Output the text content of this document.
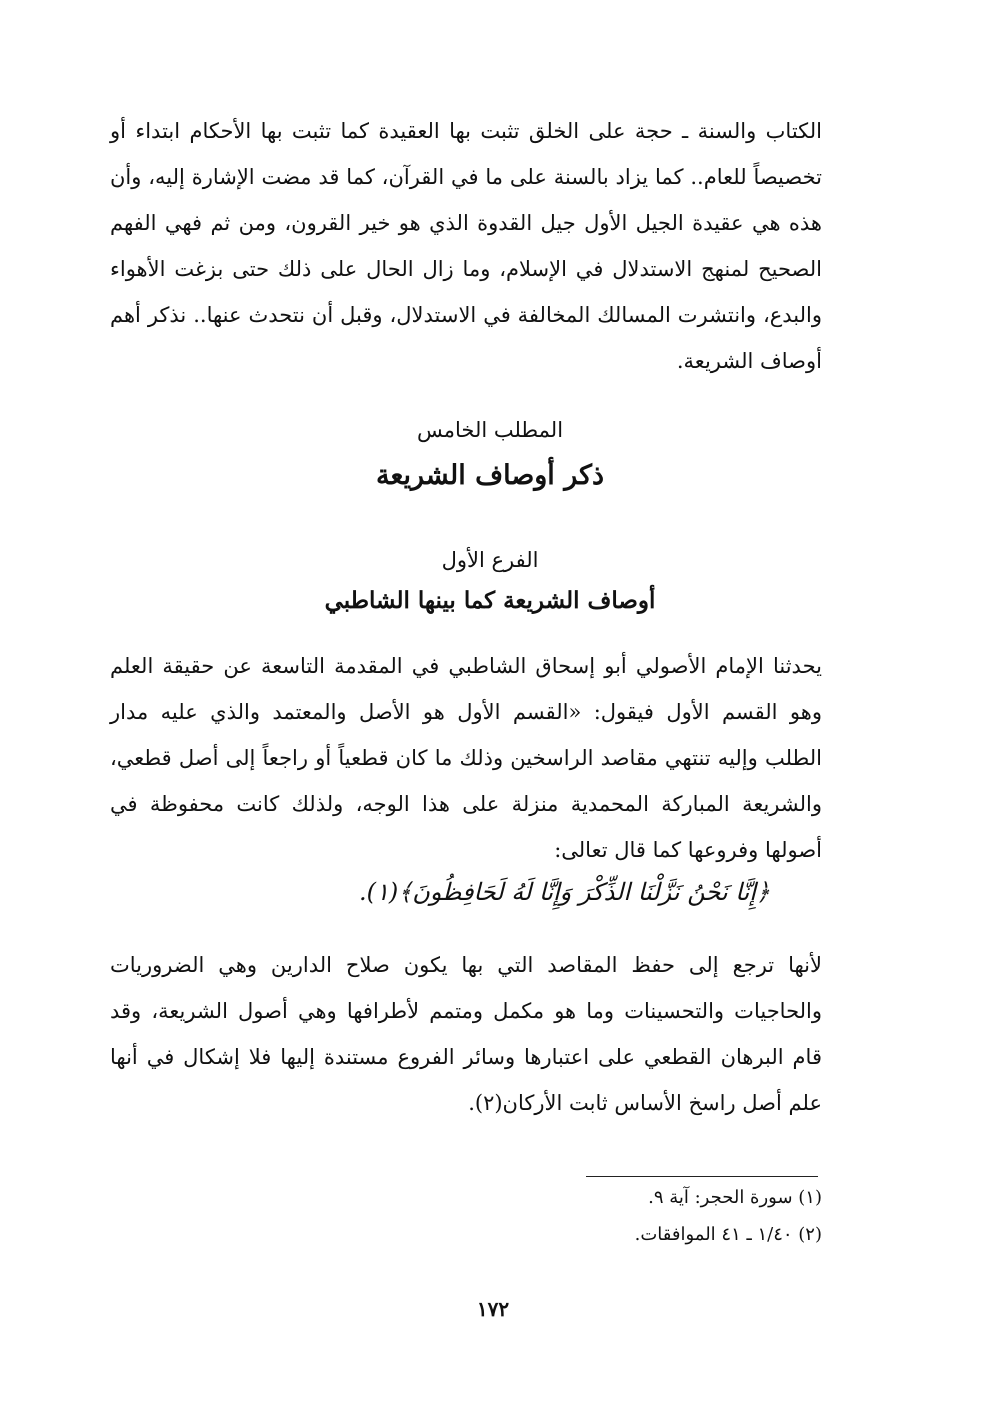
الكتاب والسنة ـ حجة على الخلق تثبت بها العقيدة كما تثبت بها الأحكام ابتداء أو تخصيصاً للعام.. كما يزاد بالسنة على ما في القرآن، كما قد مضت الإشارة إليه، وأن هذه هي عقيدة الجيل الأول جيل القدوة الذي هو خير القرون، ومن ثم فهي الفهم الصحيح لمنهج الاستدلال في الإسلام، وما زال الحال على ذلك حتى بزغت الأهواء والبدع، وانتشرت المسالك المخالفة في الاستدلال، وقبل أن نتحدث عنها.. نذكر أهم أوصاف الشريعة.

المطلب الخامس
ذكر أوصاف الشريعة
الفرع الأول
أوصاف الشريعة كما بينها الشاطبي

يحدثنا الإمام الأصولي أبو إسحاق الشاطبي في المقدمة التاسعة عن حقيقة العلم وهو القسم الأول فيقول: «القسم الأول هو الأصل والمعتمد والذي عليه مدار الطلب وإليه تنتهي مقاصد الراسخين وذلك ما كان قطعياً أو راجعاً إلى أصل قطعي، والشريعة المباركة المحمدية منزلة على هذا الوجه، ولذلك كانت محفوظة في أصولها وفروعها كما قال تعالى:

﴿إِنَّا نَحْنُ نَزَّلْنَا الذِّكْرَ وَإِنَّا لَهُ لَحَافِظُونَ﴾(١).

لأنها ترجع إلى حفظ المقاصد التي بها يكون صلاح الدارين وهي الضروريات والحاجيات والتحسينات وما هو مكمل ومتمم لأطرافها وهي أصول الشريعة، وقد قام البرهان القطعي على اعتبارها وسائر الفروع مستندة إليها فلا إشكال في أنها علم أصل راسخ الأساس ثابت الأركان(٢).

(١) سورة الحجر: آية ٩.
(٢) ١/٤٠ ـ ٤١ الموافقات.
١٧٢
